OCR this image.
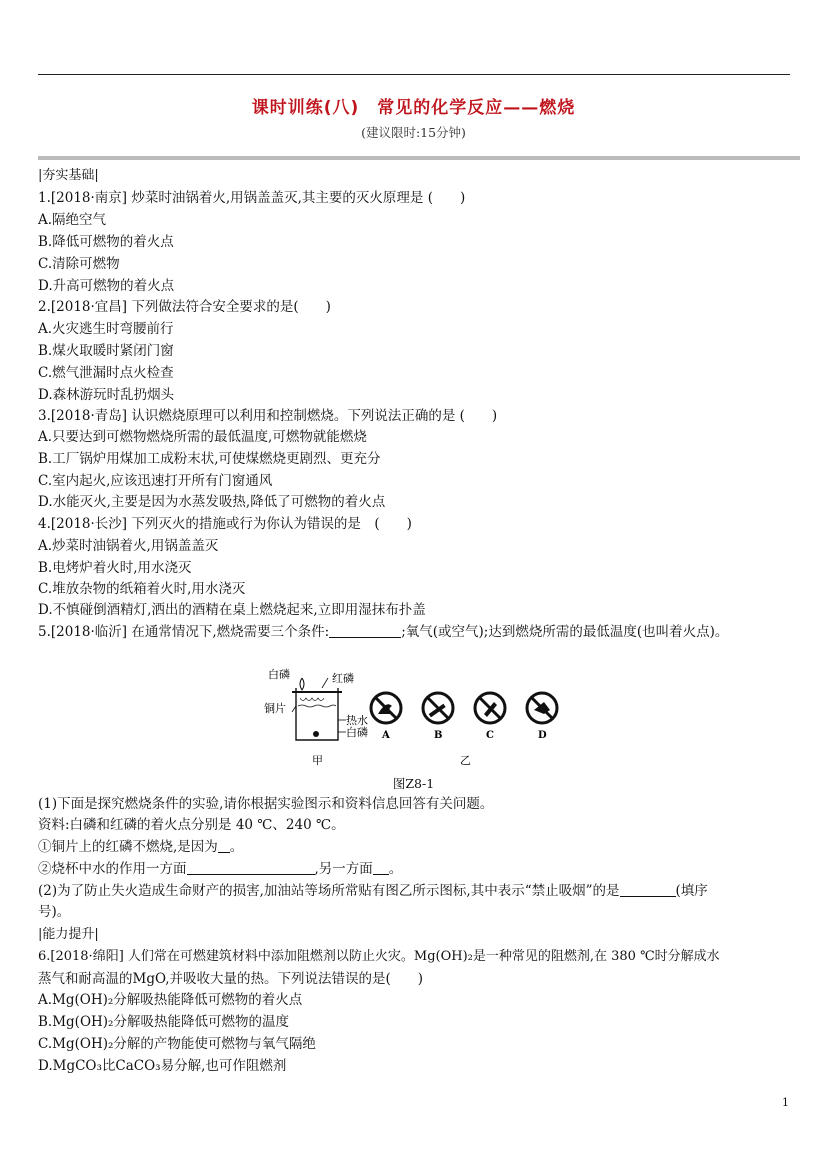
课时训练(八)　常见的化学反应——燃烧
(建议限时:15分钟)
|夯实基础|
1.[2018·南京] 炒菜时油锅着火,用锅盖盖灭,其主要的灭火原理是 (　　)
A.隔绝空气
B.降低可燃物的着火点
C.清除可燃物
D.升高可燃物的着火点
2.[2018·宜昌] 下列做法符合安全要求的是(　　)
A.火灾逃生时弯腰前行
B.煤火取暖时紧闭门窗
C.燃气泄漏时点火检查
D.森林游玩时乱扔烟头
3.[2018·青岛] 认识燃烧原理可以利用和控制燃烧。下列说法正确的是 (　　)
A.只要达到可燃物燃烧所需的最低温度,可燃物就能燃烧
B.工厂锅炉用煤加工成粉末状,可使煤燃烧更剧烈、更充分
C.室内起火,应该迅速打开所有门窗通风
D.水能灭火,主要是因为水蒸发吸热,降低了可燃物的着火点
4.[2018·长沙] 下列灭火的措施或行为你认为错误的是　(　　)
A.炒菜时油锅着火,用锅盖盖灭
B.电烤炉着火时,用水浇灭
C.堆放杂物的纸箱着火时,用水浇灭
D.不慎碰倒酒精灯,洒出的酒精在桌上燃烧起来,立即用湿抹布扑盖
5.[2018·临沂] 在通常情况下,燃烧需要三个条件:	;氧气(或空气);达到燃烧所需的最低温度(也叫着火点)。
白磷	红磷
铜片
热水
白磷
甲
A	B	C	D
乙
图Z8-1
(1)下面是探究燃烧条件的实验,请你根据实验图示和资料信息回答有关问题。
资料:白磷和红磷的着火点分别是 40 ℃、240 ℃。
①铜片上的红磷不燃烧,是因为 。
②烧杯中水的作用一方面	,另一方面 。
(2)为了防止失火造成生命财产的损害,加油站等场所常贴有图乙所示图标,其中表示“禁止吸烟”的是	(填序
号)。
|能力提升|
6.[2018·绵阳] 人们常在可燃建筑材料中添加阻燃剂以防止火灾。Mg(OH)₂是一种常见的阻燃剂,在 380 ℃时分解成水
蒸气和耐高温的MgO,并吸收大量的热。下列说法错误的是(　　)
A.Mg(OH)₂分解吸热能降低可燃物的着火点
B.Mg(OH)₂分解吸热能降低可燃物的温度
C.Mg(OH)₂分解的产物能使可燃物与氧气隔绝
D.MgCO₃比CaCO₃易分解,也可作阻燃剂
1
